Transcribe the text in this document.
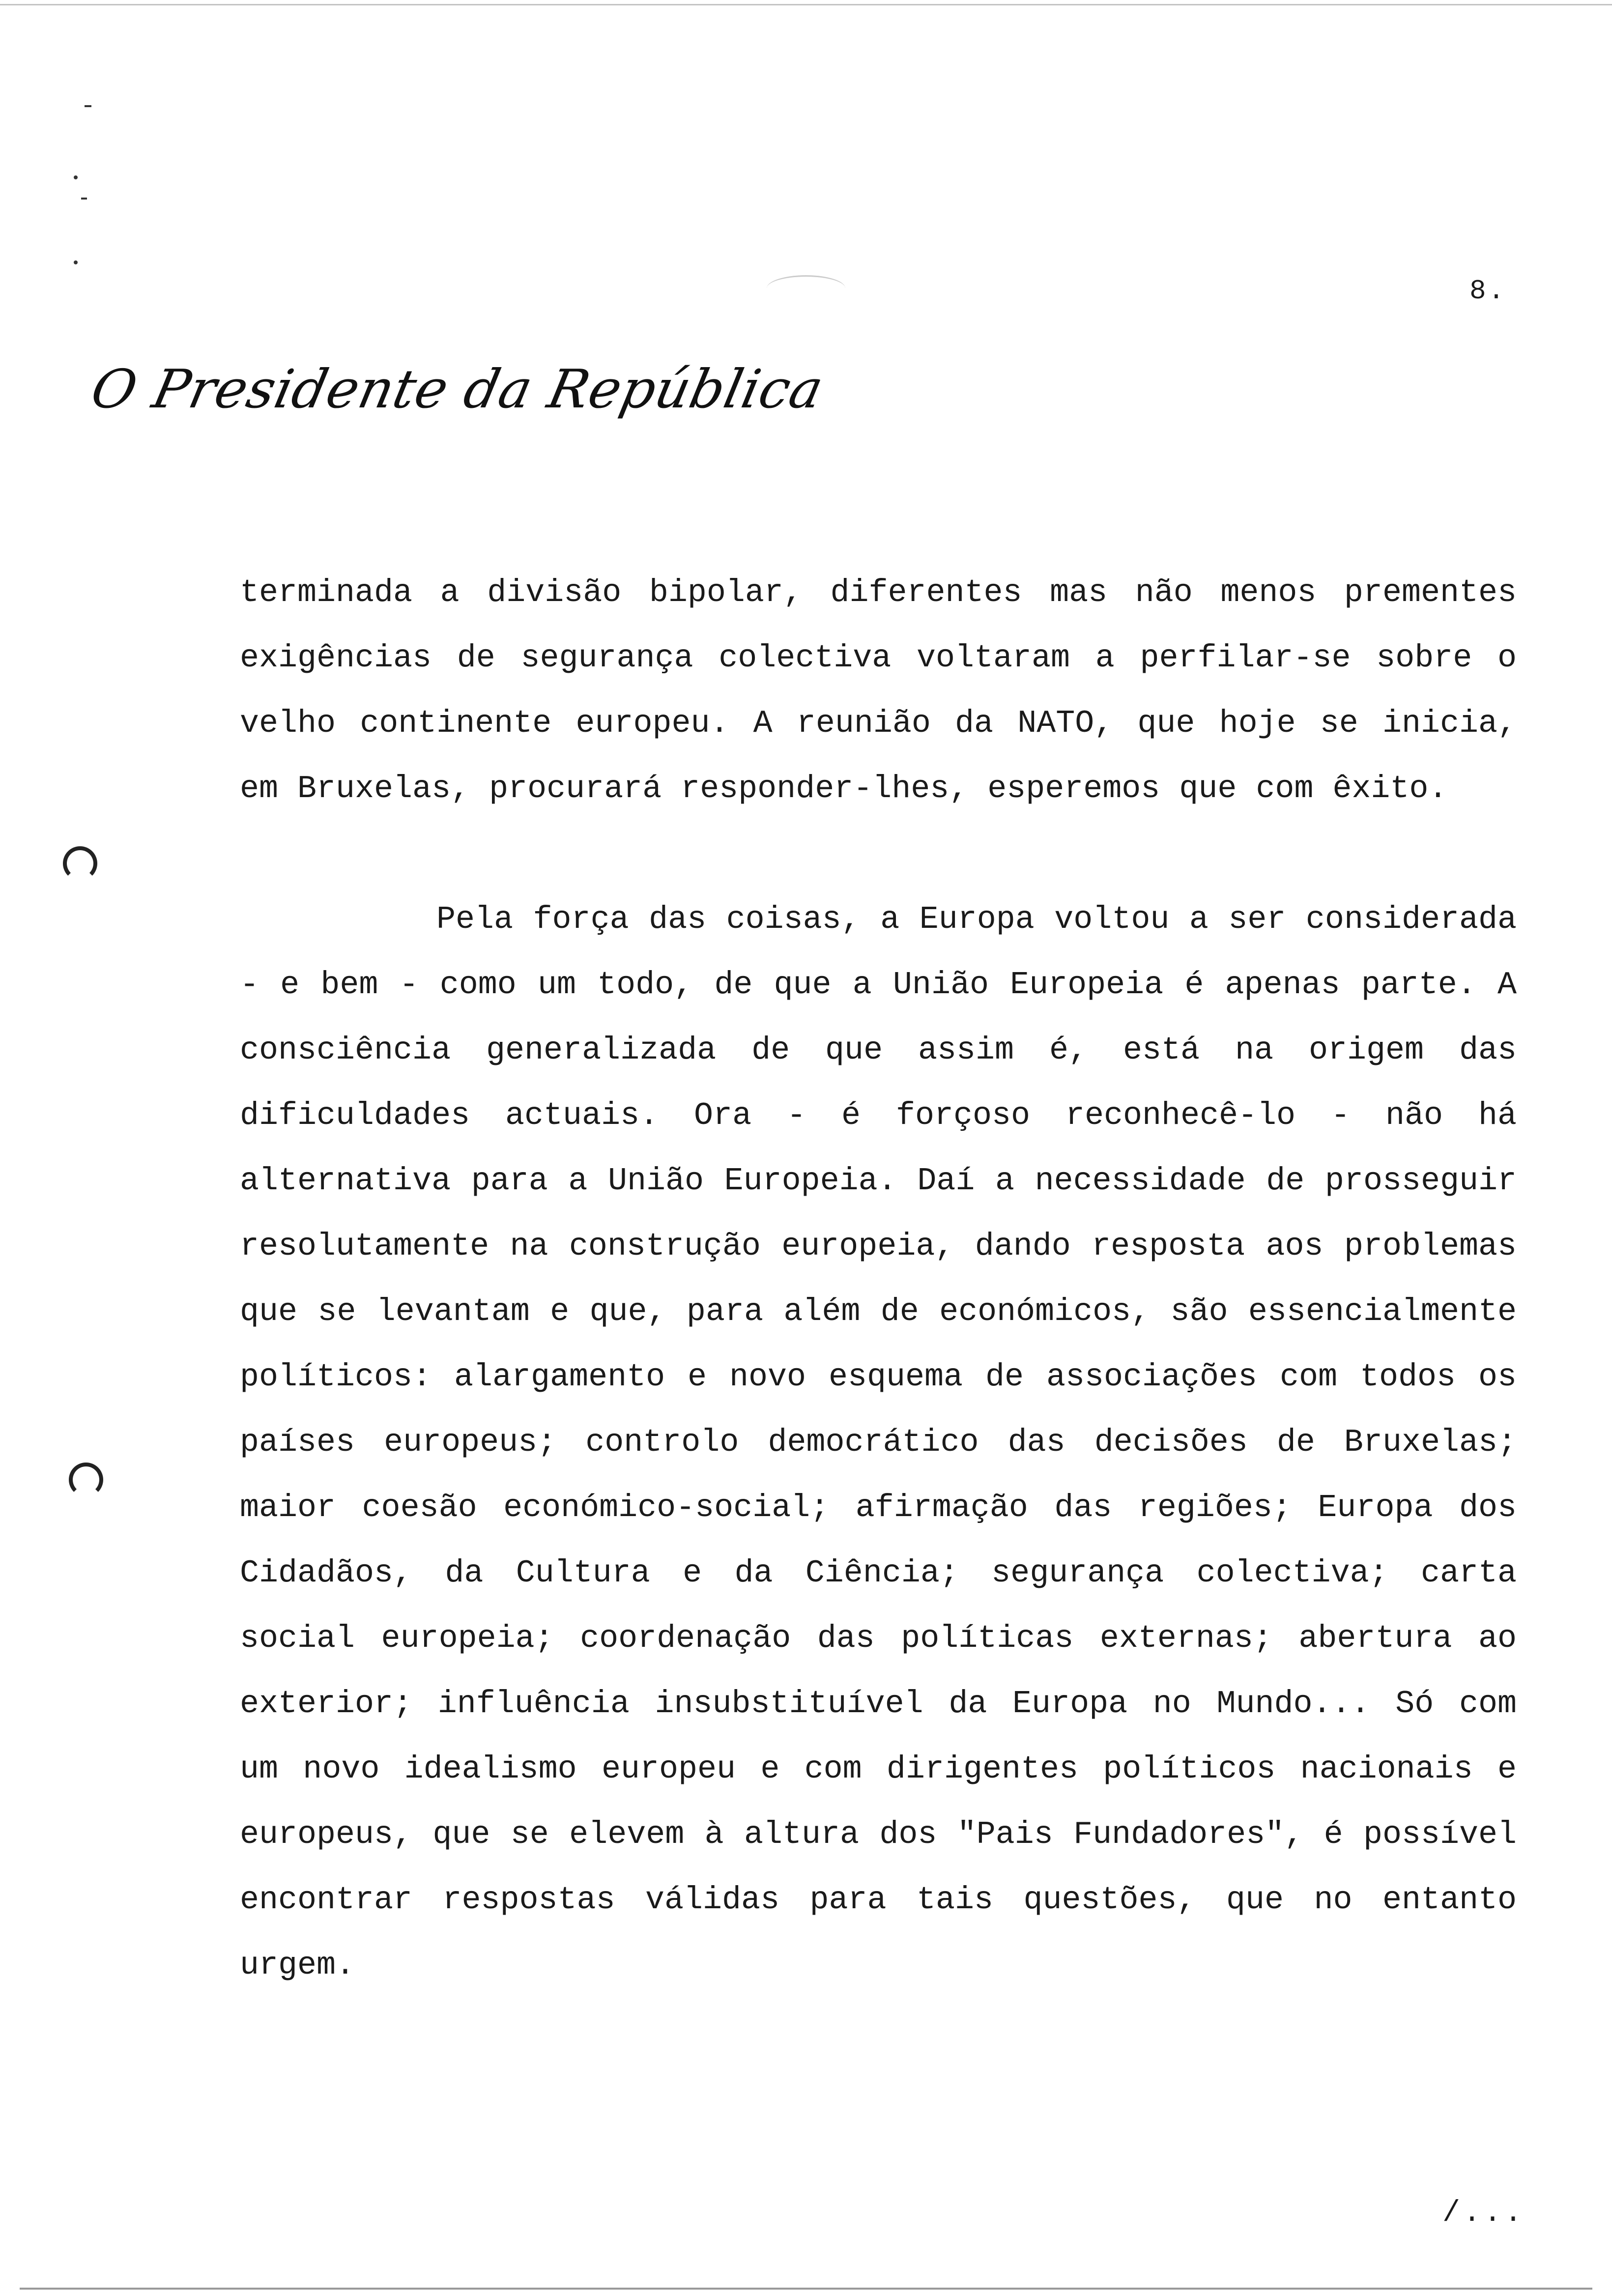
8.
O Presidente da República

terminada a divisão bipolar, diferentes mas não menos prementes exigências de segurança colectiva voltaram a perfilar-se sobre o velho continente europeu. A reunião da NATO, que hoje se inicia, em Bruxelas, procurará responder-lhes, esperemos que com êxito.

Pela força das coisas, a Europa voltou a ser considerada - e bem - como um todo, de que a União Europeia é apenas parte. A consciência generalizada de que assim é, está na origem das dificuldades actuais. Ora - é forçoso reconhecê-lo - não há alternativa para a União Europeia. Daí a necessidade de prosseguir resolutamente na construção europeia, dando resposta aos problemas que se levantam e que, para além de económicos, são essencialmente políticos: alargamento e novo esquema de associações com todos os países europeus; controlo democrático das decisões de Bruxelas; maior coesão económico-social; afirmação das regiões; Europa dos Cidadãos, da Cultura e da Ciência; segurança colectiva; carta social europeia; coordenação das políticas externas; abertura ao exterior; influência insubstituível da Europa no Mundo... Só com um novo idealismo europeu e com dirigentes políticos nacionais e europeus, que se elevem à altura dos "Pais Fundadores", é possível encontrar respostas válidas para tais questões, que no entanto urgem.

/...
